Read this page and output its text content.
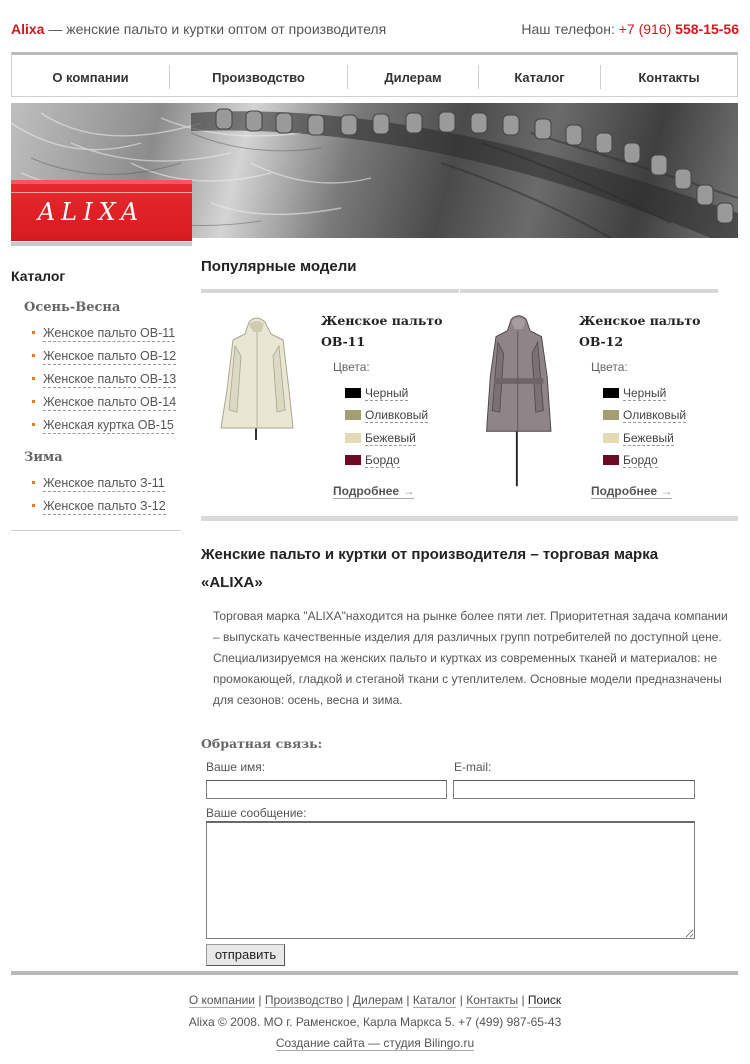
Alixa — женские пальто и куртки оптом от производителя	Наш телефон: +7 (916) 558-15-56
О компании	Производство	Дилерам	Каталог	Контакты
ALIXA
Каталог
Осень-Весна
Женское пальто ОВ-11
Женское пальто ОВ-12
Женское пальто ОВ-13
Женское пальто ОВ-14
Женская куртка ОВ-15
Зима
Женское пальто З-11
Женское пальто З-12
Популярные модели
Женское пальто
ОВ-11
Цвета:
Черный
Оливковый
Бежевый
Бордо
Подробнее →
Женское пальто
ОВ-12
Цвета:
Черный
Оливковый
Бежевый
Бордо
Подробнее →
Женские пальто и куртки от производителя – торговая марка «ALIXA»
Торговая марка "ALIXA"находится на рынке более пяти лет. Приоритетная задача компании – выпускать качественные изделия для различных групп потребителей по доступной цене. Специализируемся на женских пальто и куртках из современных тканей и материалов: не промокающей, гладкой и стеганой ткани с утеплителем. Основные модели предназначены для сезонов: осень, весна и зима.
Обратная связь:
Ваше имя:	E-mail:
Ваше сообщение:
отправить
О компании | Производство | Дилерам | Каталог | Контакты | Поиск
Alixa © 2008. МО г. Раменское, Карла Маркса 5. +7 (499) 987-65-43
Создание сайта — студия Bilingo.ru
